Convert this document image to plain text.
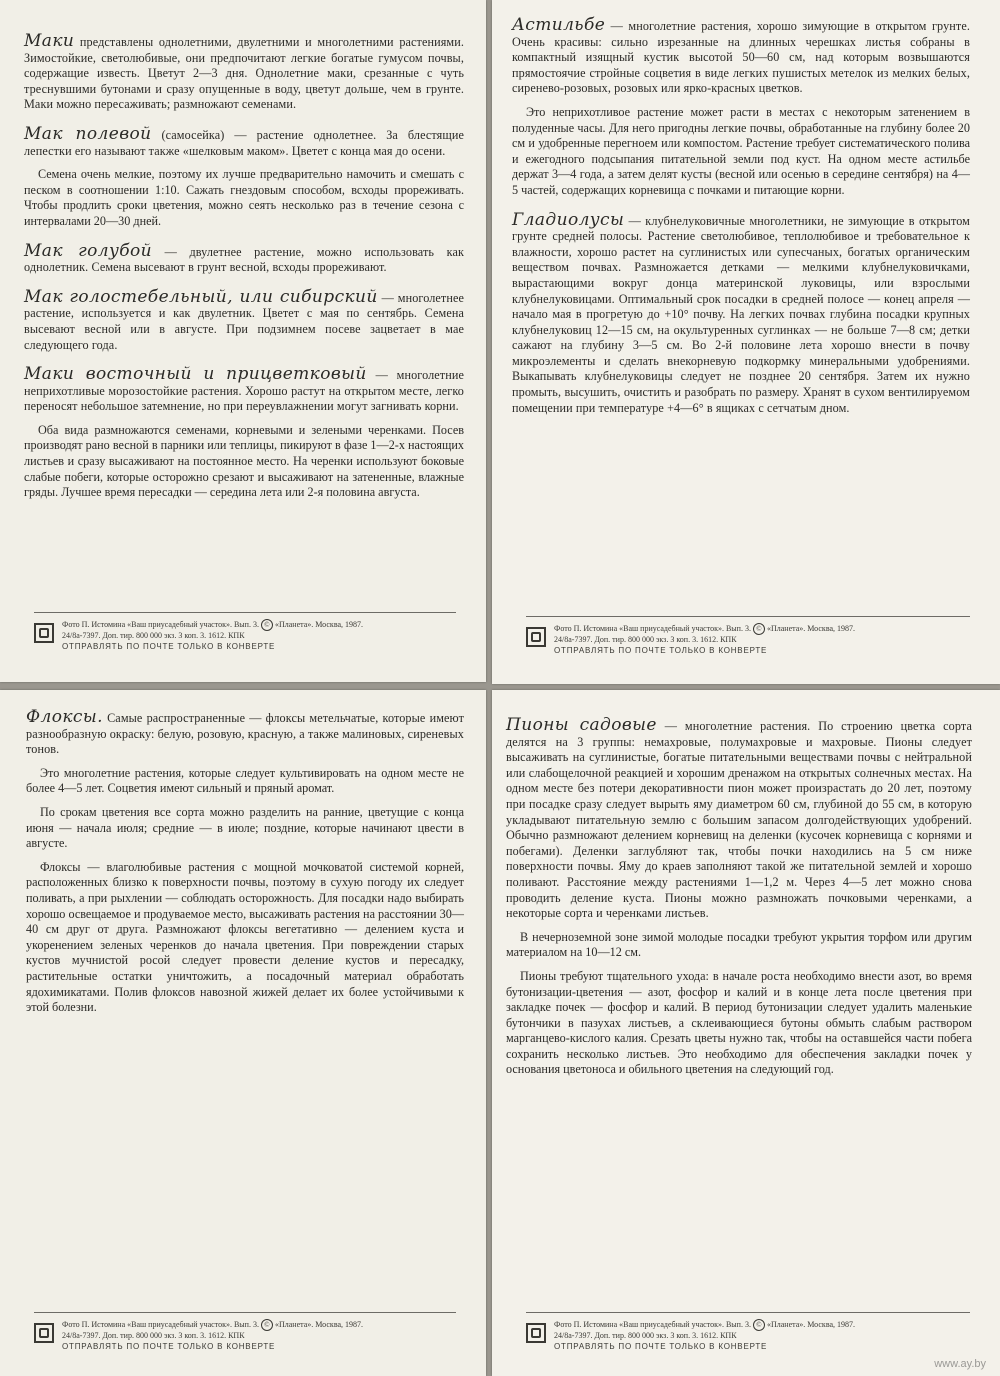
Маки представлены однолетними, двулетними и многолетними растениями. Зимостойкие, светолюбивые, они предпочитают легкие богатые гумусом почвы, содержащие известь. Цветут 2—3 дня. Однолетние маки, срезанные с чуть треснувшими бутонами и сразу опущенные в воду, цветут дольше, чем в грунте. Маки можно пересаживать; размножают семенами.

Мак полевой (самосейка) — растение однолетнее. За блестящие лепестки его называют также «шелковым маком». Цветет с конца мая до осени.

Семена очень мелкие, поэтому их лучше предварительно намочить и смешать с песком в соотношении 1:10. Сажать гнездовым способом, всходы прореживать. Чтобы продлить сроки цветения, можно сеять несколько раз в течение сезона с интервалами 20—30 дней.

Мак голубой — двулетнее растение, можно использовать как однолетник. Семена высевают в грунт весной, всходы прореживают.

Мак голостебельный, или сибирский — многолетнее растение, используется и как двулетник. Цветет с мая по сентябрь. Семена высевают весной или в августе. При подзимнем посеве зацветает в мае следующего года.

Маки восточный и прицветковый — многолетние неприхотливые морозостойкие растения. Хорошо растут на открытом месте, легко переносят небольшое затемнение, но при переувлажнении могут загнивать корни.

Оба вида размножаются семенами, корневыми и зелеными черенками. Посев производят рано весной в парники или теплицы, пикируют в фазе 1—2-х настоящих листьев и сразу высаживают на постоянное место. На черенки используют боковые слабые побеги, которые осторожно срезают и высаживают на затененные, влажные гряды. Лучшее время пересадки — середина лета или 2-я половина августа.

Фото П. Истомина «Ваш приусадебный участок». Вып. 3. © «Планета». Москва, 1987.
24/8а-7397. Доп. тир. 800 000 экз. 3 коп. 3. 1612. КПК
ОТПРАВЛЯТЬ ПО ПОЧТЕ ТОЛЬКО В КОНВЕРТЕ

Астильбе — многолетние растения, хорошо зимующие в открытом грунте. Очень красивы: сильно изрезанные на длинных черешках листья собраны в компактный изящный кустик высотой 50—60 см, над которым возвышаются прямостоячие стройные соцветия в виде легких пушистых метелок из мелких белых, сиренево-розовых, розовых или ярко-красных цветков.

Это неприхотливое растение может расти в местах с некоторым затенением в полуденные часы. Для него пригодны легкие почвы, обработанные на глубину более 20 см и удобренные перегноем или компостом. Растение требует систематического полива и ежегодного подсыпания питательной земли под куст. На одном месте астильбе держат 3—4 года, а затем делят кусты (весной или осенью в середине сентября) на 4—5 частей, содержащих корневища с почками и питающие корни.

Гладиолусы — клубнелуковичные многолетники, не зимующие в открытом грунте средней полосы. Растение светолюбивое, теплолюбивое и требовательное к влажности, хорошо растет на суглинистых или супесчаных, богатых органическим веществом почвах. Размножается детками — мелкими клубнелуковичками, вырастающими вокруг донца материнской луковицы, или взрослыми клубнелуковицами. Оптимальный срок посадки в средней полосе — конец апреля — начало мая в прогретую до +10° почву. На легких почвах глубина посадки крупных клубнелуковиц 12—15 см, на окультуренных суглинках — не больше 7—8 см; детки сажают на глубину 3—5 см. Во 2-й половине лета хорошо внести в почву микроэлементы и сделать внекорневую подкормку минеральными удобрениями. Выкапывать клубнелуковицы следует не позднее 20 сентября. Затем их нужно промыть, высушить, очистить и разобрать по размеру. Хранят в сухом вентилируемом помещении при температуре +4—6° в ящиках с сетчатым дном.

Фото П. Истомина «Ваш приусадебный участок». Вып. 3. © «Планета». Москва, 1987.
24/8а-7397. Доп. тир. 800 000 экз. 3 коп. 3. 1612. КПК
ОТПРАВЛЯТЬ ПО ПОЧТЕ ТОЛЬКО В КОНВЕРТЕ

Флоксы. Самые распространенные — флоксы метельчатые, которые имеют разнообразную окраску: белую, розовую, красную, а также малиновых, сиреневых тонов.

Это многолетние растения, которые следует культивировать на одном месте не более 4—5 лет. Соцветия имеют сильный и пряный аромат.

По срокам цветения все сорта можно разделить на ранние, цветущие с конца июня — начала июля; средние — в июле; поздние, которые начинают цвести в августе.

Флоксы — влаголюбивые растения с мощной мочковатой системой корней, расположенных близко к поверхности почвы, поэтому в сухую погоду их следует поливать, а при рыхлении — соблюдать осторожность. Для посадки надо выбирать хорошо освещаемое и продуваемое место, высаживать растения на расстоянии 30—40 см друг от друга. Размножают флоксы вегетативно — делением куста и укоренением зеленых черенков до начала цветения. При повреждении старых кустов мучнистой росой следует провести деление кустов и пересадку, растительные остатки уничтожить, а посадочный материал обработать ядохимикатами. Полив флоксов навозной жижей делает их более устойчивыми к этой болезни.

Фото П. Истомина «Ваш приусадебный участок». Вып. 3. © «Планета». Москва, 1987.
24/8а-7397. Доп. тир. 800 000 экз. 3 коп. 3. 1612. КПК
ОТПРАВЛЯТЬ ПО ПОЧТЕ ТОЛЬКО В КОНВЕРТЕ

Пионы садовые — многолетние растения. По строению цветка сорта делятся на 3 группы: немахровые, полумахровые и махровые. Пионы следует высаживать на суглинистые, богатые питательными веществами почвы с нейтральной или слабощелочной реакцией и хорошим дренажом на открытых солнечных местах. На одном месте без потери декоративности пион может произрастать до 20 лет, поэтому при посадке сразу следует вырыть яму диаметром 60 см, глубиной до 55 см, в которую укладывают питательную землю с большим запасом долгодействующих удобрений. Обычно размножают делением корневищ на деленки (кусочек корневища с корнями и побегами). Деленки заглубляют так, чтобы почки находились на 5 см ниже поверхности почвы. Яму до краев заполняют такой же питательной землей и хорошо поливают. Расстояние между растениями 1—1,2 м. Через 4—5 лет можно снова проводить деление куста. Пионы можно размножать почковыми черенками, а некоторые сорта и черенками листьев.

В нечерноземной зоне зимой молодые посадки требуют укрытия торфом или другим материалом на 10—12 см.

Пионы требуют тщательного ухода: в начале роста необходимо внести азот, во время бутонизации-цветения — азот, фосфор и калий и в конце лета после цветения при закладке почек — фосфор и калий. В период бутонизации следует удалить маленькие бутончики в пазухах листьев, а склеивающиеся бутоны обмыть слабым раствором марганцево-кислого калия. Срезать цветы нужно так, чтобы на оставшейся части побега сохранить несколько листьев. Это необходимо для обеспечения закладки почек у основания цветоноса и обильного цветения на следующий год.

Фото П. Истомина «Ваш приусадебный участок». Вып. 3. © «Планета». Москва, 1987.
24/8а-7397. Доп. тир. 800 000 экз. 3 коп. 3. 1612. КПК
ОТПРАВЛЯТЬ ПО ПОЧТЕ ТОЛЬКО В КОНВЕРТЕ
www.ay.by
